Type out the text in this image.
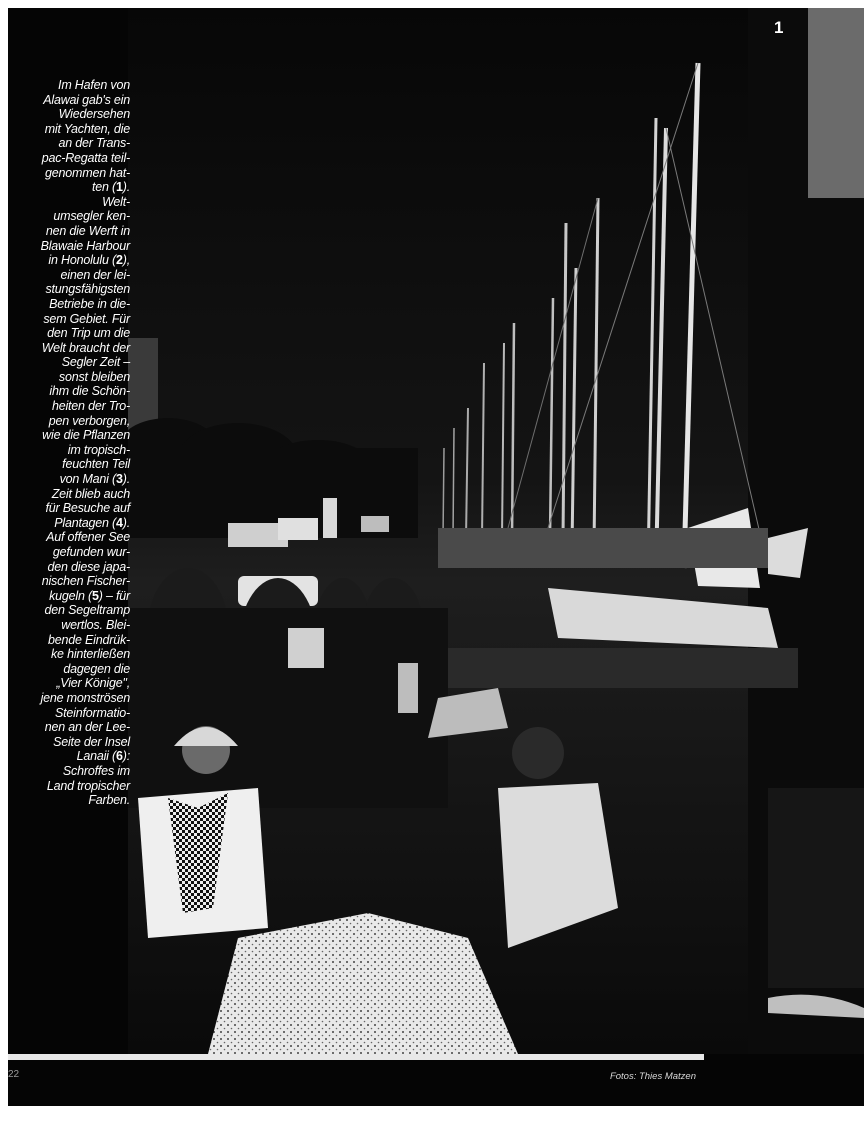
Im Hafen von
Alawai gab's ein
Wiedersehen
mit Yachten, die
an der Trans-
pac-Regatta teil-
genommen hat-
ten (1).
Welt-
umsegler ken-
nen die Werft in
Blawaie Harbour
in Honolulu (2),
einen der lei-
stungsfähigsten
Betriebe in die-
sem Gebiet. Für
den Trip um die
Welt braucht der
Segler Zeit –
sonst bleiben
ihm die Schön-
heiten der Tro-
pen verborgen,
wie die Pflanzen
im tropisch-
feuchten Teil
von Mani (3).
Zeit blieb auch
für Besuche auf
Plantagen (4).
Auf offener See
gefunden wur-
den diese japa-
nischen Fischer-
kugeln (5) – für
den Segeltramp
wertlos. Blei-
bende Eindrük-
ke hinterließen
dagegen die
„Vier Könige",
jene monströsen
Steinformatio-
nen an der Lee-
Seite der Insel
Lanaii (6):
Schroffes im
Land tropischer
Farben.
1
22	Fotos: Thies Matzen
